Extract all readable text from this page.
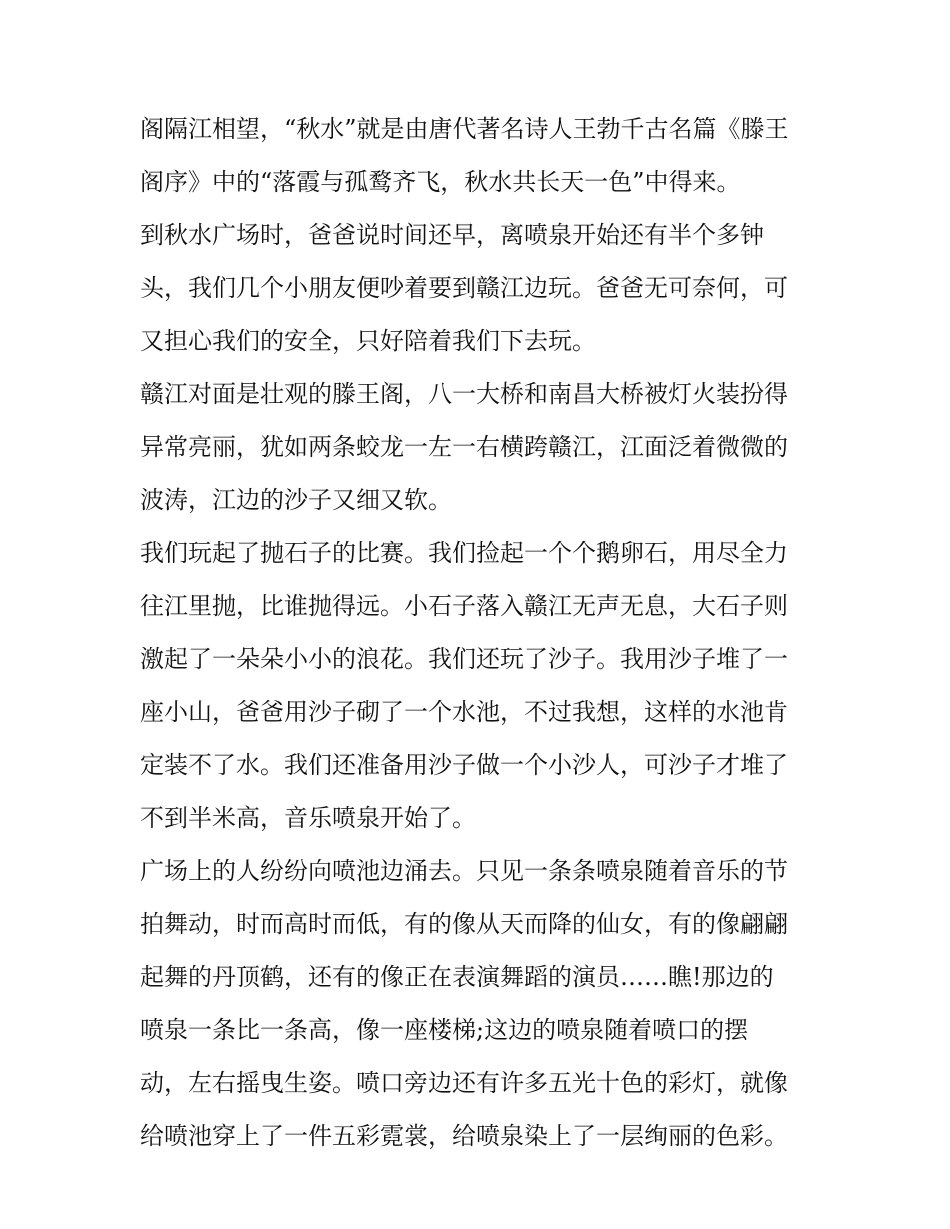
阁隔江相望，“秋水”就是由唐代著名诗人王勃千古名篇《滕王
阁序》中的“落霞与孤鹜齐飞，秋水共长天一色”中得来。
到秋水广场时，爸爸说时间还早，离喷泉开始还有半个多钟
头，我们几个小朋友便吵着要到赣江边玩。爸爸无可奈何，可
又担心我们的安全，只好陪着我们下去玩。
赣江对面是壮观的滕王阁，八一大桥和南昌大桥被灯火装扮得
异常亮丽，犹如两条蛟龙一左一右横跨赣江，江面泛着微微的
波涛，江边的沙子又细又软。
我们玩起了抛石子的比赛。我们捡起一个个鹅卵石，用尽全力
往江里抛，比谁抛得远。小石子落入赣江无声无息，大石子则
激起了一朵朵小小的浪花。我们还玩了沙子。我用沙子堆了一
座小山，爸爸用沙子砌了一个水池，不过我想，这样的水池肯
定装不了水。我们还准备用沙子做一个小沙人，可沙子才堆了
不到半米高，音乐喷泉开始了。
广场上的人纷纷向喷池边涌去。只见一条条喷泉随着音乐的节
拍舞动，时而高时而低，有的像从天而降的仙女，有的像翩翩
起舞的丹顶鹤，还有的像正在表演舞蹈的演员……瞧!那边的
喷泉一条比一条高，像一座楼梯;这边的喷泉随着喷口的摆
动，左右摇曳生姿。喷口旁边还有许多五光十色的彩灯，就像
给喷池穿上了一件五彩霓裳，给喷泉染上了一层绚丽的色彩。
